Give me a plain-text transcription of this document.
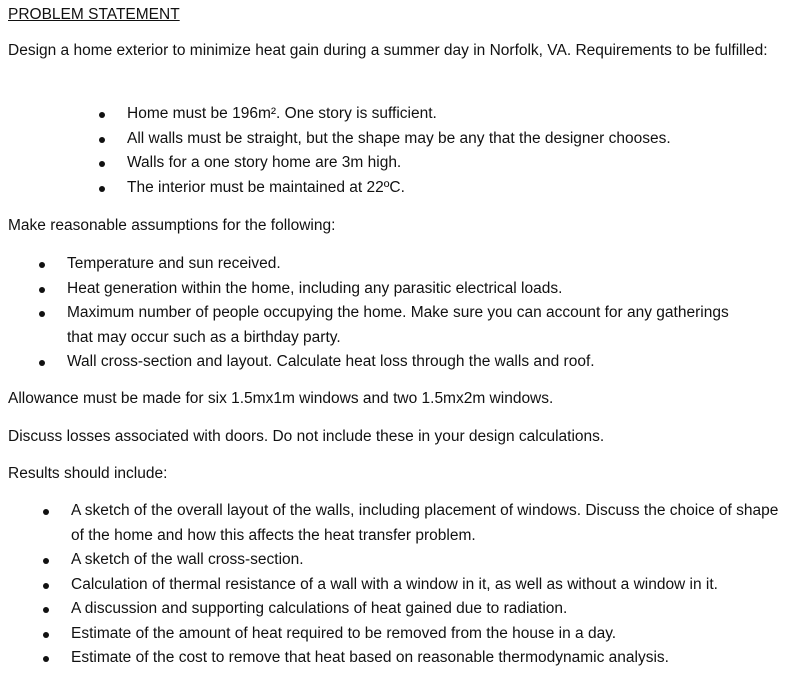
PROBLEM STATEMENT
Design a home exterior to minimize heat gain during a summer day in Norfolk, VA. Requirements to be fulfilled:
Home must be 196m². One story is sufficient.
All walls must be straight, but the shape may be any that the designer chooses.
Walls for a one story home are 3m high.
The interior must be maintained at 22ºC.
Make reasonable assumptions for the following:
Temperature and sun received.
Heat generation within the home, including any parasitic electrical loads.
Maximum number of people occupying the home. Make sure you can account for any gatherings that may occur such as a birthday party.
Wall cross-section and layout. Calculate heat loss through the walls and roof.
Allowance must be made for six 1.5mx1m windows and two 1.5mx2m windows.
Discuss losses associated with doors. Do not include these in your design calculations.
Results should include:
A sketch of the overall layout of the walls, including placement of windows. Discuss the choice of shape of the home and how this affects the heat transfer problem.
A sketch of the wall cross-section.
Calculation of thermal resistance of a wall with a window in it, as well as without a window in it.
A discussion and supporting calculations of heat gained due to radiation.
Estimate of the amount of heat required to be removed from the house in a day.
Estimate of the cost to remove that heat based on reasonable thermodynamic analysis.
